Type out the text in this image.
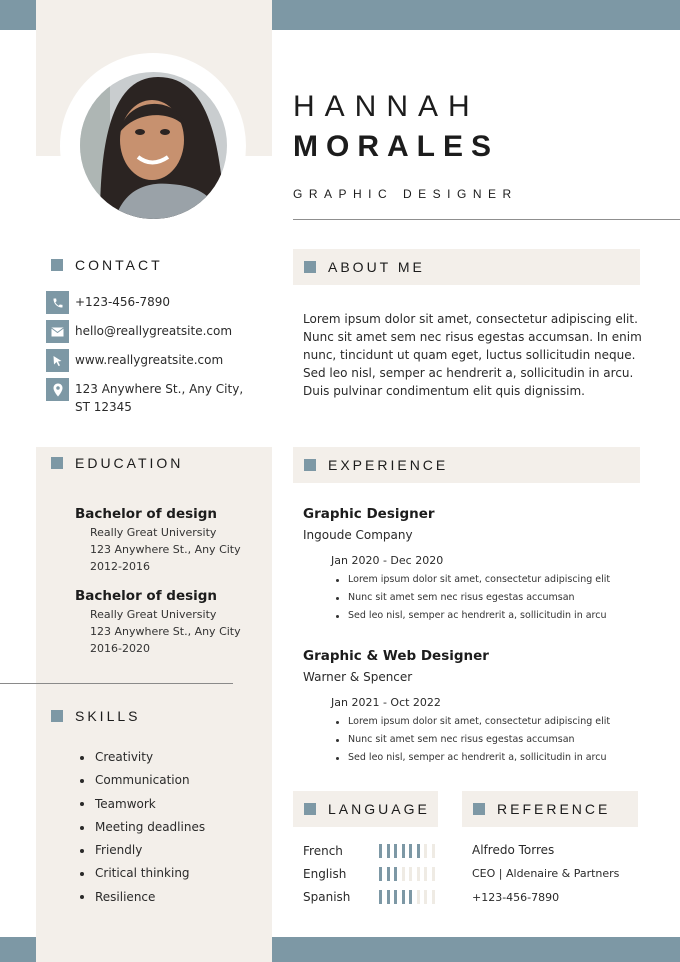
HANNAH
MORALES
GRAPHIC DESIGNER
CONTACT
+123-456-7890
hello@reallygreatsite.com
www.reallygreatsite.com
123 Anywhere St., Any City, ST 12345
ABOUT ME
Lorem ipsum dolor sit amet, consectetur adipiscing elit. Nunc sit amet sem nec risus egestas accumsan. In enim nunc, tincidunt ut quam eget, luctus sollicitudin neque. Sed leo nisl, semper ac hendrerit a, sollicitudin in arcu. Duis pulvinar condimentum elit quis dignissim.
EDUCATION
Bachelor of design
Really Great University
123 Anywhere St., Any City
2012-2016
Bachelor of design
Really Great University
123 Anywhere St., Any City
2016-2020
SKILLS
Creativity
Communication
Teamwork
Meeting deadlines
Friendly
Critical thinking
Resilience
EXPERIENCE
Graphic Designer
Ingoude Company
Jan 2020 - Dec 2020
Lorem ipsum dolor sit amet, consectetur adipiscing elit
Nunc sit amet sem nec risus egestas accumsan
Sed leo nisl, semper ac hendrerit a, sollicitudin in arcu
Graphic & Web Designer
Warner & Spencer
Jan 2021 - Oct 2022
Lorem ipsum dolor sit amet, consectetur adipiscing elit
Nunc sit amet sem nec risus egestas accumsan
Sed leo nisl, semper ac hendrerit a, sollicitudin in arcu
LANGUAGE
French
English
Spanish
REFERENCE
Alfredo Torres
CEO | Aldenaire & Partners
+123-456-7890
